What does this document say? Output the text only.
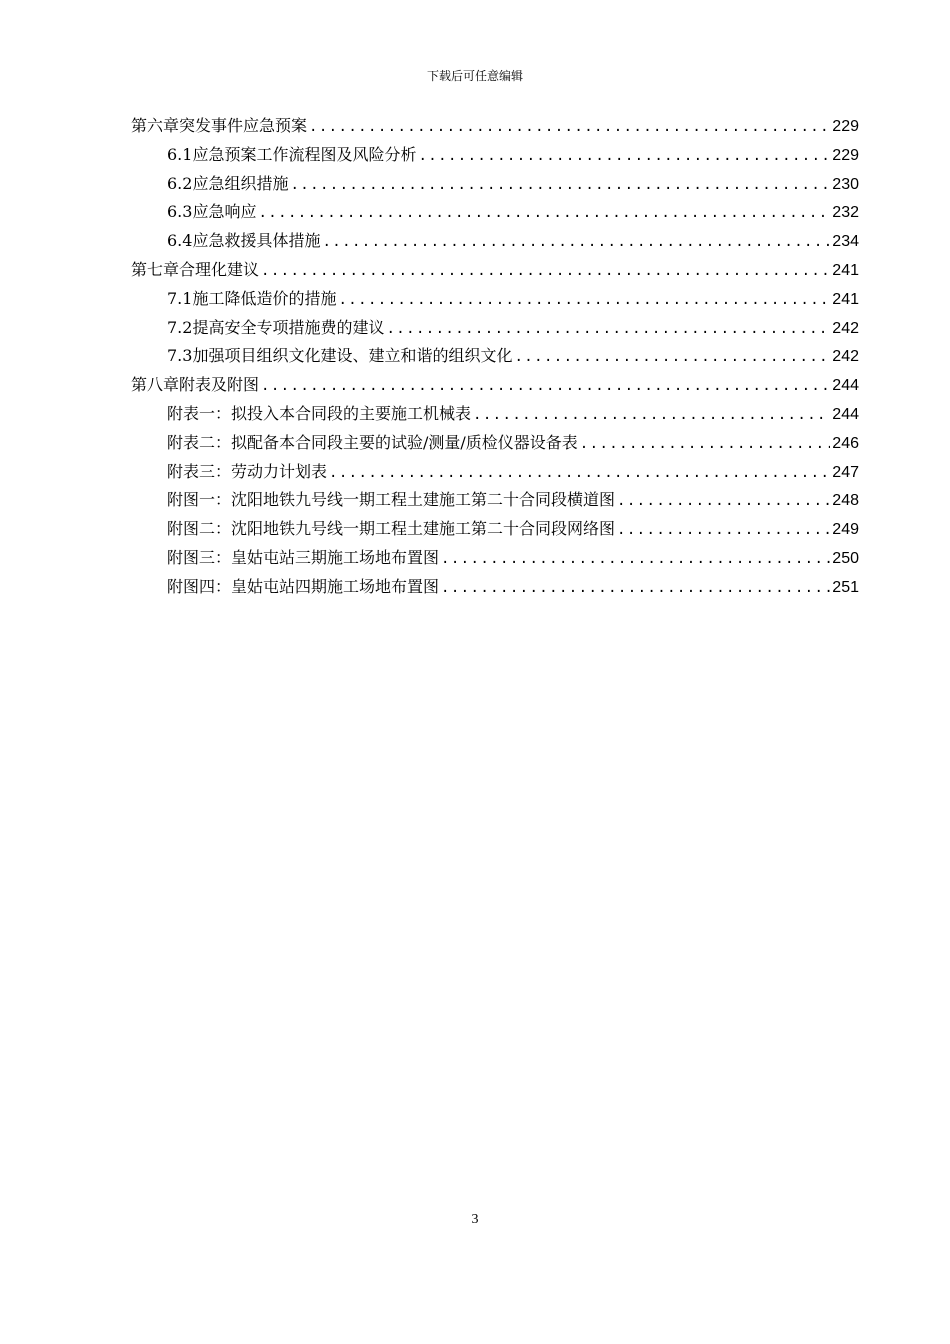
下载后可任意编辑
第六章突发事件应急预案 .....	229
6.1应急预案工作流程图及风险分析 .....	229
6.2应急组织措施 .....	230
6.3应急响应 .....	232
6.4应急救援具体措施 .....	234
第七章合理化建议 .....	241
7.1施工降低造价的措施 .....	241
7.2提高安全专项措施费的建议 .....	242
7.3加强项目组织文化建设、建立和谐的组织文化 .....	242
第八章附表及附图 .....	244
附表一：拟投入本合同段的主要施工机械表 .....	244
附表二：拟配备本合同段主要的试验/测量/质检仪器设备表 .....	246
附表三：劳动力计划表 .....	247
附图一：沈阳地铁九号线一期工程土建施工第二十合同段横道图 .....	248
附图二：沈阳地铁九号线一期工程土建施工第二十合同段网络图 .....	249
附图三：皇姑屯站三期施工场地布置图 .....	250
附图四：皇姑屯站四期施工场地布置图 .....	251
3
